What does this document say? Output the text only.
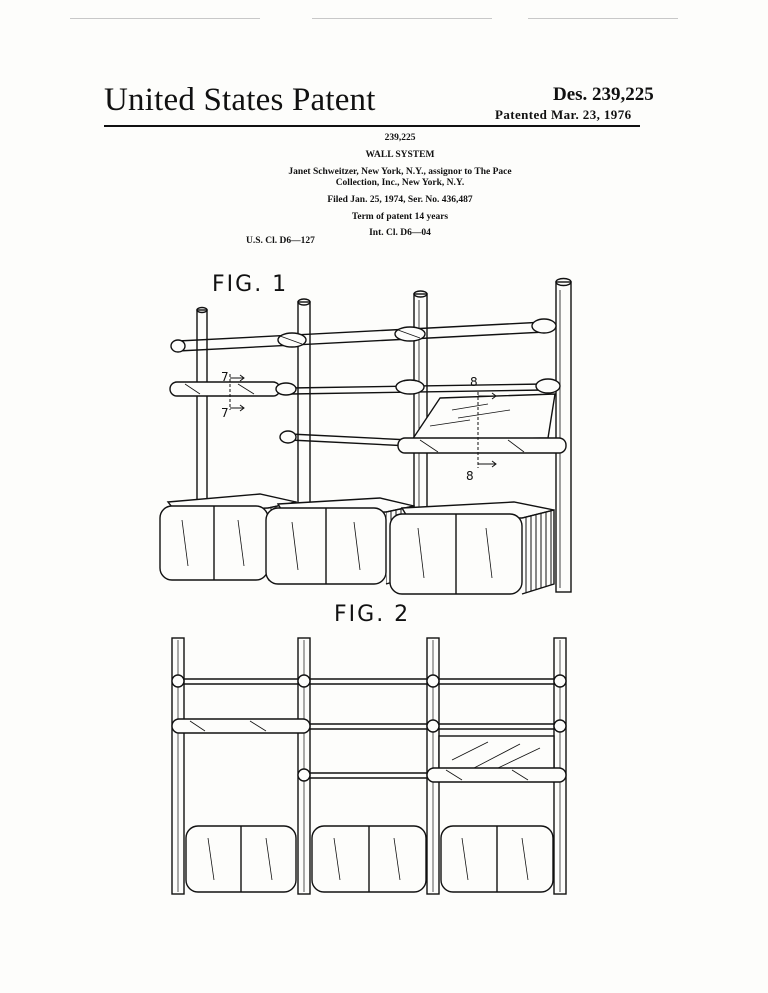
United States Patent	Des. 239,225
Patented Mar. 23, 1976
239,225
WALL SYSTEM
Janet Schweitzer, New York, N.Y., assignor to The Pace
Collection, Inc., New York, N.Y.
Filed Jan. 25, 1974, Ser. No. 436,487
Term of patent 14 years
Int. Cl. D6—04
U.S. Cl. D6—127
FIG. 1
FIG. 2
7
7
8
8
